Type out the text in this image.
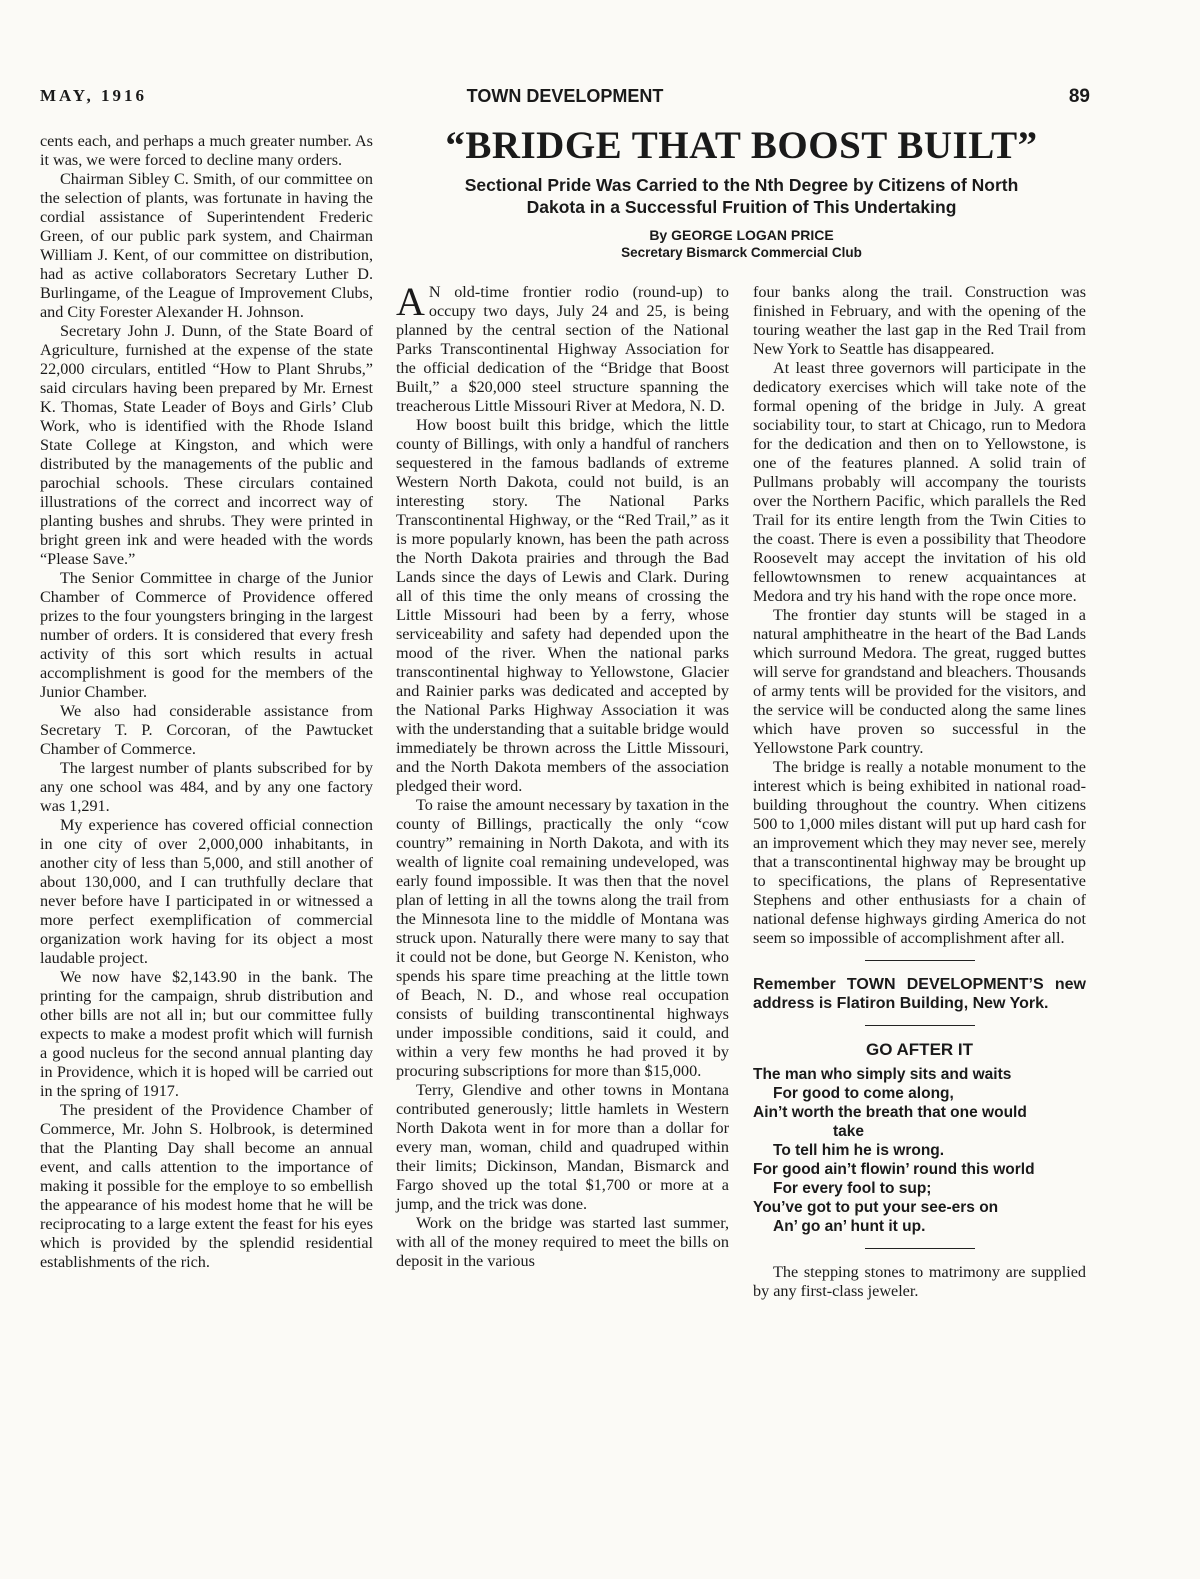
MAY, 1916	TOWN DEVELOPMENT	89

cents each, and perhaps a much greater number. As it was, we were forced to decline many orders.

Chairman Sibley C. Smith, of our committee on the selection of plants, was fortunate in having the cordial assistance of Superintendent Frederic Green, of our public park system, and Chairman William J. Kent, of our committee on distribution, had as active collaborators Secretary Luther D. Burlingame, of the League of Improvement Clubs, and City Forester Alexander H. Johnson.

Secretary John J. Dunn, of the State Board of Agriculture, furnished at the expense of the state 22,000 circulars, entitled “How to Plant Shrubs,” said circulars having been prepared by Mr. Ernest K. Thomas, State Leader of Boys and Girls’ Club Work, who is identified with the Rhode Island State College at Kingston, and which were distributed by the managements of the public and parochial schools. These circulars contained illustrations of the correct and incorrect way of planting bushes and shrubs. They were printed in bright green ink and were headed with the words “Please Save.”

The Senior Committee in charge of the Junior Chamber of Commerce of Providence offered prizes to the four youngsters bringing in the largest number of orders. It is considered that every fresh activity of this sort which results in actual accomplishment is good for the members of the Junior Chamber.

We also had considerable assistance from Secretary T. P. Corcoran, of the Pawtucket Chamber of Commerce.

The largest number of plants subscribed for by any one school was 484, and by any one factory was 1,291.

My experience has covered official connection in one city of over 2,000,000 inhabitants, in another city of less than 5,000, and still another of about 130,000, and I can truthfully declare that never before have I participated in or witnessed a more perfect exemplification of commercial organization work having for its object a most laudable project.

We now have $2,143.90 in the bank. The printing for the campaign, shrub distribution and other bills are not all in; but our committee fully expects to make a modest profit which will furnish a good nucleus for the second annual planting day in Providence, which it is hoped will be carried out in the spring of 1917.

The president of the Providence Chamber of Commerce, Mr. John S. Holbrook, is determined that the Planting Day shall become an annual event, and calls attention to the importance of making it possible for the employe to so embellish the appearance of his modest home that he will be reciprocating to a large extent the feast for his eyes which is provided by the splendid residential establishments of the rich.

“BRIDGE THAT BOOST BUILT”

Sectional Pride Was Carried to the Nth Degree by Citizens of North
Dakota in a Successful Fruition of This Undertaking

By GEORGE LOGAN PRICE

Secretary Bismarck Commercial Club

A N old-time frontier rodio (round-up) to occupy two days, July 24 and 25, is being planned by the central section of the National Parks Transcontinental Highway Association for the official dedication of the “Bridge that Boost Built,” a $20,000 steel structure spanning the treacherous Little Missouri River at Medora, N. D.

How boost built this bridge, which the little county of Billings, with only a handful of ranchers sequestered in the famous badlands of extreme Western North Dakota, could not build, is an interesting story. The National Parks Transcontinental Highway, or the “Red Trail,” as it is more popularly known, has been the path across the North Dakota prairies and through the Bad Lands since the days of Lewis and Clark. During all of this time the only means of crossing the Little Missouri had been by a ferry, whose serviceability and safety had depended upon the mood of the river. When the national parks transcontinental highway to Yellowstone, Glacier and Rainier parks was dedicated and accepted by the National Parks Highway Association it was with the understanding that a suitable bridge would immediately be thrown across the Little Missouri, and the North Dakota members of the association pledged their word.

To raise the amount necessary by taxation in the county of Billings, practically the only “cow country” remaining in North Dakota, and with its wealth of lignite coal remaining undeveloped, was early found impossible. It was then that the novel plan of letting in all the towns along the trail from the Minnesota line to the middle of Montana was struck upon. Naturally there were many to say that it could not be done, but George N. Keniston, who spends his spare time preaching at the little town of Beach, N. D., and whose real occupation consists of building transcontinental highways under impossible conditions, said it could, and within a very few months he had proved it by procuring subscriptions for more than $15,000.

Terry, Glendive and other towns in Montana contributed generously; little hamlets in Western North Dakota went in for more than a dollar for every man, woman, child and quadruped within their limits; Dickinson, Mandan, Bismarck and Fargo shoved up the total $1,700 or more at a jump, and the trick was done.

Work on the bridge was started last summer, with all of the money required to meet the bills on deposit in the various

four banks along the trail. Construction was finished in February, and with the opening of the touring weather the last gap in the Red Trail from New York to Seattle has disappeared.

At least three governors will participate in the dedicatory exercises which will take note of the formal opening of the bridge in July. A great sociability tour, to start at Chicago, run to Medora for the dedication and then on to Yellowstone, is one of the features planned. A solid train of Pullmans probably will accompany the tourists over the Northern Pacific, which parallels the Red Trail for its entire length from the Twin Cities to the coast. There is even a possibility that Theodore Roosevelt may accept the invitation of his old fellowtownsmen to renew acquaintances at Medora and try his hand with the rope once more.

The frontier day stunts will be staged in a natural amphitheatre in the heart of the Bad Lands which surround Medora. The great, rugged buttes will serve for grandstand and bleachers. Thousands of army tents will be provided for the visitors, and the service will be conducted along the same lines which have proven so successful in the Yellowstone Park country.

The bridge is really a notable monument to the interest which is being exhibited in national road-building throughout the country. When citizens 500 to 1,000 miles distant will put up hard cash for an improvement which they may never see, merely that a transcontinental highway may be brought up to specifications, the plans of Representative Stephens and other enthusiasts for a chain of national defense highways girding America do not seem so impossible of accomplishment after all.

Remember TOWN DEVELOPMENT’S new address is Flatiron Building, New York.

GO AFTER IT
The man who simply sits and waits
For good to come along,
Ain’t worth the breath that one would
take
To tell him he is wrong.
For good ain’t flowin’ round this world
For every fool to sup;
You’ve got to put your see-ers on
An’ go an’ hunt it up.

The stepping stones to matrimony are supplied by any first-class jeweler.
